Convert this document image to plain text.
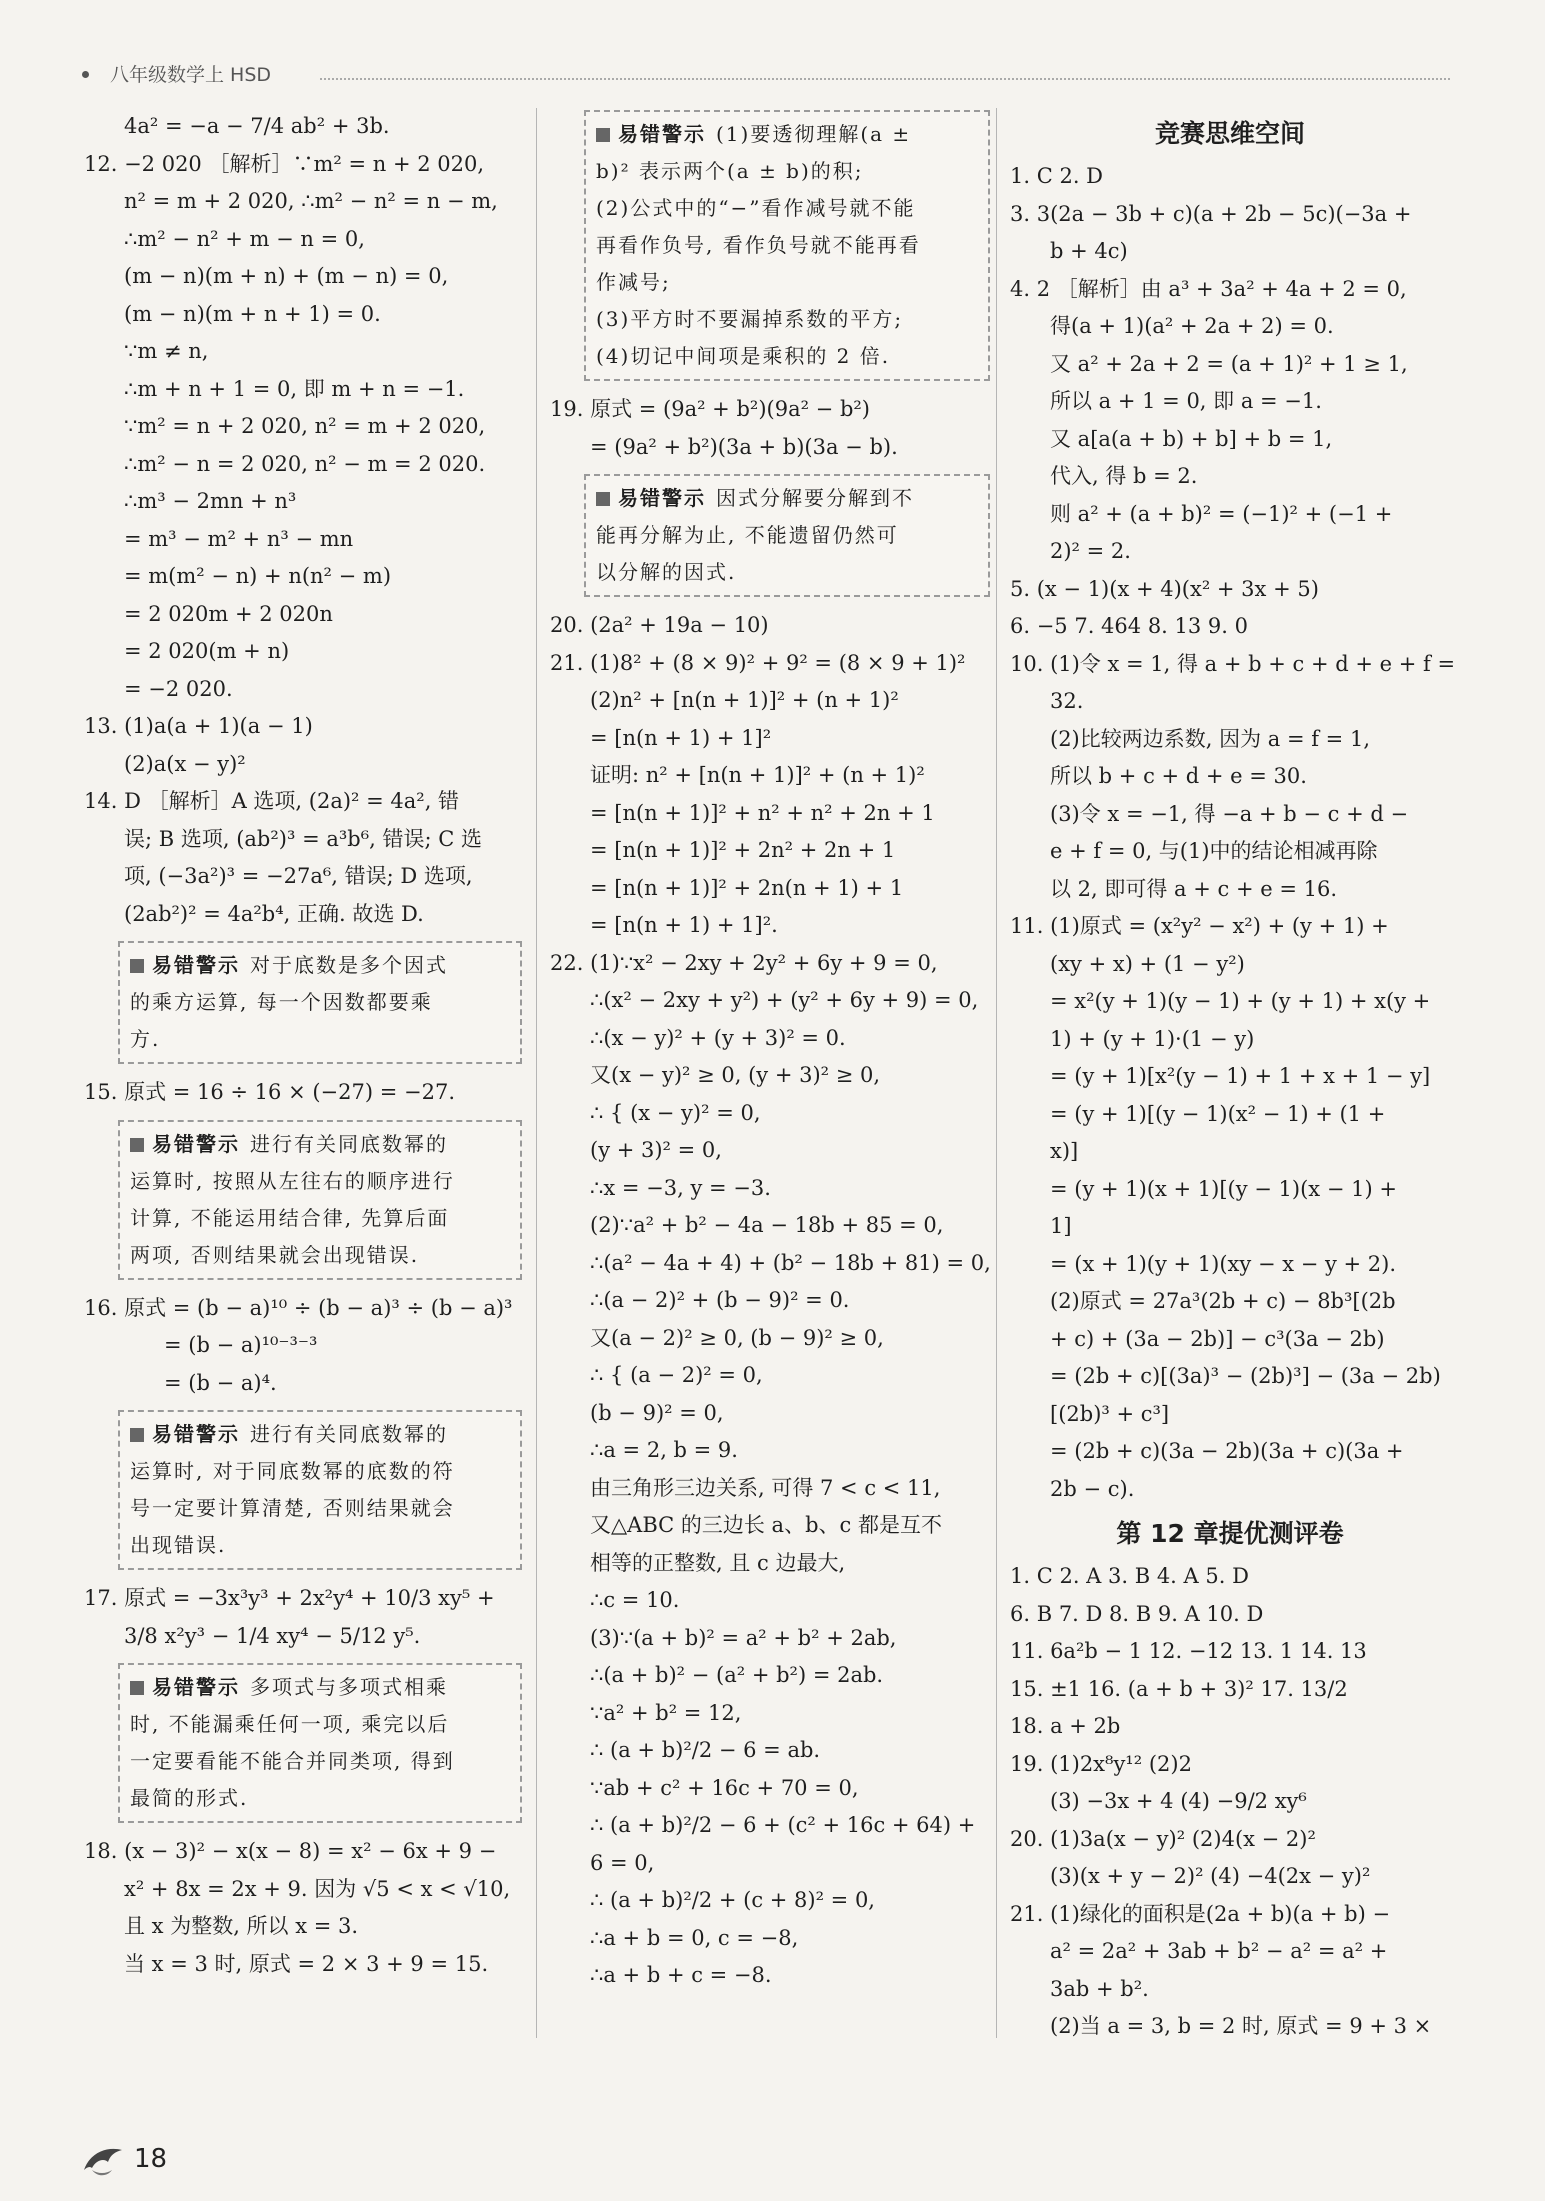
八年级数学上 HSD
4a² = −a − 7/4 ab² + 3b.
12. −2 020 ［解析］∵m² = n + 2 020,
n² = m + 2 020, ∴m² − n² = n − m,
∴m² − n² + m − n = 0,
(m − n)(m + n) + (m − n) = 0,
(m − n)(m + n + 1) = 0.
∵m ≠ n,
∴m + n + 1 = 0, 即 m + n = −1.
∵m² = n + 2 020, n² = m + 2 020,
∴m² − n = 2 020, n² − m = 2 020.
∴m³ − 2mn + n³
= m³ − m² + n³ − mn
= m(m² − n) + n(n² − m)
= 2 020m + 2 020n
= 2 020(m + n)
= −2 020.
13. (1)a(a + 1)(a − 1)
(2)a(x − y)²
14. D ［解析］A 选项, (2a)² = 4a², 错
误; B 选项, (ab²)³ = a³b⁶, 错误; C 选
项, (−3a²)³ = −27a⁶, 错误; D 选项,
(2ab²)² = 4a²b⁴, 正确. 故选 D.
易错警示 对于底数是多个因式
的乘方运算, 每一个因数都要乘
方.
15. 原式 = 16 ÷ 16 × (−27) = −27.
易错警示 进行有关同底数幂的
运算时, 按照从左往右的顺序进行
计算, 不能运用结合律, 先算后面
两项, 否则结果就会出现错误.
16. 原式 = (b − a)¹⁰ ÷ (b − a)³ ÷ (b − a)³
= (b − a)¹⁰⁻³⁻³
= (b − a)⁴.
易错警示 进行有关同底数幂的
运算时, 对于同底数幂的底数的符
号一定要计算清楚, 否则结果就会
出现错误.
17. 原式 = −3x³y³ + 2x²y⁴ + 10/3 xy⁵ +
3/8 x²y³ − 1/4 xy⁴ − 5/12 y⁵.
易错警示 多项式与多项式相乘
时, 不能漏乘任何一项, 乘完以后
一定要看能不能合并同类项, 得到
最简的形式.
18. (x − 3)² − x(x − 8) = x² − 6x + 9 −
x² + 8x = 2x + 9. 因为 √5 < x < √10,
且 x 为整数, 所以 x = 3.
当 x = 3 时, 原式 = 2 × 3 + 9 = 15.
易错警示 (1)要透彻理解(a ±
b)² 表示两个(a ± b)的积;
(2)公式中的“−”看作减号就不能
再看作负号, 看作负号就不能再看
作减号;
(3)平方时不要漏掉系数的平方;
(4)切记中间项是乘积的 2 倍.
19. 原式 = (9a² + b²)(9a² − b²)
= (9a² + b²)(3a + b)(3a − b).
易错警示 因式分解要分解到不
能再分解为止, 不能遗留仍然可
以分解的因式.
20. (2a² + 19a − 10)
21. (1)8² + (8 × 9)² + 9² = (8 × 9 + 1)²
(2)n² + [n(n + 1)]² + (n + 1)²
= [n(n + 1) + 1]²
证明: n² + [n(n + 1)]² + (n + 1)²
= [n(n + 1)]² + n² + n² + 2n + 1
= [n(n + 1)]² + 2n² + 2n + 1
= [n(n + 1)]² + 2n(n + 1) + 1
= [n(n + 1) + 1]².
22. (1)∵x² − 2xy + 2y² + 6y + 9 = 0,
∴(x² − 2xy + y²) + (y² + 6y + 9) = 0,
∴(x − y)² + (y + 3)² = 0.
又(x − y)² ≥ 0, (y + 3)² ≥ 0,
∴ { (x − y)² = 0,
(y + 3)² = 0,
∴x = −3, y = −3.
(2)∵a² + b² − 4a − 18b + 85 = 0,
∴(a² − 4a + 4) + (b² − 18b + 81) = 0,
∴(a − 2)² + (b − 9)² = 0.
又(a − 2)² ≥ 0, (b − 9)² ≥ 0,
∴ { (a − 2)² = 0,
(b − 9)² = 0,
∴a = 2, b = 9.
由三角形三边关系, 可得 7 < c < 11,
又△ABC 的三边长 a、b、c 都是互不
相等的正整数, 且 c 边最大,
∴c = 10.
(3)∵(a + b)² = a² + b² + 2ab,
∴(a + b)² − (a² + b²) = 2ab.
∵a² + b² = 12,
∴ (a + b)²/2 − 6 = ab.
∵ab + c² + 16c + 70 = 0,
∴ (a + b)²/2 − 6 + (c² + 16c + 64) +
6 = 0,
∴ (a + b)²/2 + (c + 8)² = 0,
∴a + b = 0, c = −8,
∴a + b + c = −8.
竞赛思维空间
1. C 2. D
3. 3(2a − 3b + c)(a + 2b − 5c)(−3a +
b + 4c)
4. 2 ［解析］由 a³ + 3a² + 4a + 2 = 0,
得(a + 1)(a² + 2a + 2) = 0.
又 a² + 2a + 2 = (a + 1)² + 1 ≥ 1,
所以 a + 1 = 0, 即 a = −1.
又 a[a(a + b) + b] + b = 1,
代入, 得 b = 2.
则 a² + (a + b)² = (−1)² + (−1 +
2)² = 2.
5. (x − 1)(x + 4)(x² + 3x + 5)
6. −5 7. 464 8. 13 9. 0
10. (1)令 x = 1, 得 a + b + c + d + e + f =
32.
(2)比较两边系数, 因为 a = f = 1,
所以 b + c + d + e = 30.
(3)令 x = −1, 得 −a + b − c + d −
e + f = 0, 与(1)中的结论相减再除
以 2, 即可得 a + c + e = 16.
11. (1)原式 = (x²y² − x²) + (y + 1) +
(xy + x) + (1 − y²)
= x²(y + 1)(y − 1) + (y + 1) + x(y +
1) + (y + 1)·(1 − y)
= (y + 1)[x²(y − 1) + 1 + x + 1 − y]
= (y + 1)[(y − 1)(x² − 1) + (1 +
x)]
= (y + 1)(x + 1)[(y − 1)(x − 1) +
1]
= (x + 1)(y + 1)(xy − x − y + 2).
(2)原式 = 27a³(2b + c) − 8b³[(2b
+ c) + (3a − 2b)] − c³(3a − 2b)
= (2b + c)[(3a)³ − (2b)³] − (3a − 2b)
[(2b)³ + c³]
= (2b + c)(3a − 2b)(3a + c)(3a +
2b − c).
第 12 章提优测评卷
1. C 2. A 3. B 4. A 5. D
6. B 7. D 8. B 9. A 10. D
11. 6a²b − 1 12. −12 13. 1 14. 13
15. ±1 16. (a + b + 3)² 17. 13/2
18. a + 2b
19. (1)2x⁸y¹² (2)2
(3) −3x + 4 (4) −9/2 xy⁶
20. (1)3a(x − y)² (2)4(x − 2)²
(3)(x + y − 2)² (4) −4(2x − y)²
21. (1)绿化的面积是(2a + b)(a + b) −
a² = 2a² + 3ab + b² − a² = a² +
3ab + b².
(2)当 a = 3, b = 2 时, 原式 = 9 + 3 ×
18
